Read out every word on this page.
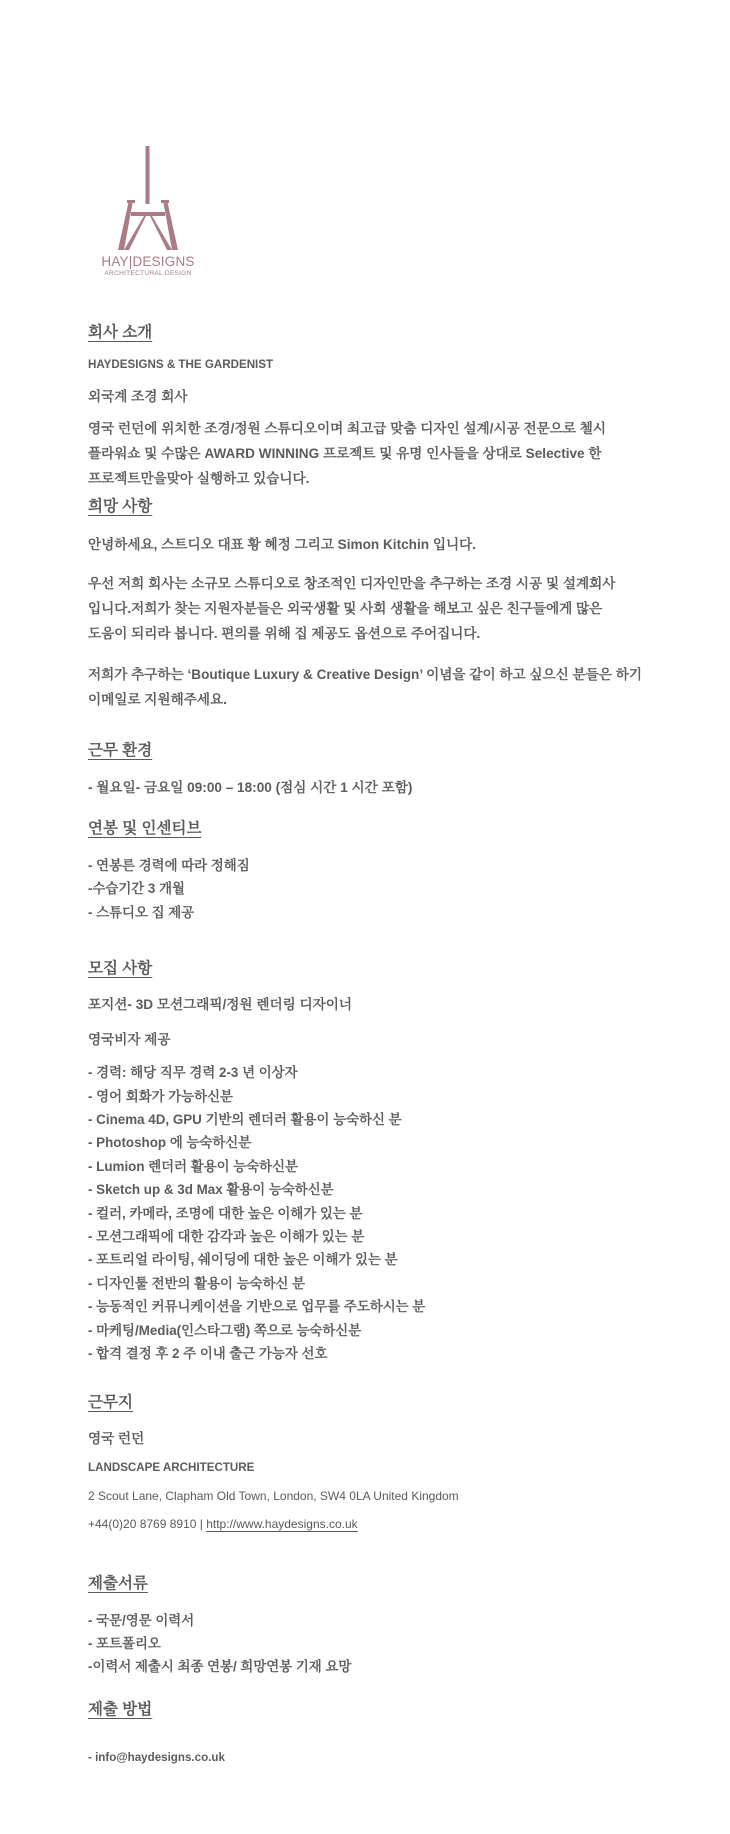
HAY|DESIGNS
ARCHITECTURAL DESIGN
회사 소개
HAYDESIGNS & THE GARDENIST
외국계 조경 회사
영국 런던에 위치한 조경/정원 스튜디오이며 최고급 맞춤 디자인 설계/시공 전문으로 첼시
플라워쇼 및 수많은 AWARD WINNING 프로젝트 및 유명 인사들을 상대로 Selective 한
프로젝트만을맞아 실행하고 있습니다.
희망 사항
안녕하세요, 스트디오 대표 황 혜정 그리고 Simon Kitchin 입니다.
우선 저희 회사는 소규모 스튜디오로 창조적인 디자인만을 추구하는 조경 시공 및 설계회사
입니다.저희가 찾는 지원자분들은 외국생활 및 사회 생활을 해보고 싶은 친구들에게 많은
도움이 되리라 봅니다. 편의를 위해 집 제공도 옵션으로 주어집니다.
저희가 추구하는 ‘Boutique Luxury & Creative Design’ 이념을 같이 하고 싶으신 분들은 하기
이메일로 지원해주세요.
근무 환경
- 월요일- 금요일 09:00 – 18:00 (점심 시간 1 시간 포함)
연봉 및 인센티브
- 연봉른 경력에 따라 정해짐
-수습기간 3 개월
- 스튜디오 집 제공
모집 사항
포지션- 3D 모션그래픽/정원 렌더링 디자이너
영국비자 제공
- 경력: 해당 직무 경력 2-3 년 이상자
- 영어 회화가 가능하신분
- Cinema 4D, GPU 기반의 렌더러 활용이 능숙하신 분
- Photoshop 에 능숙하신분
- Lumion 렌더러 활용이 능숙하신분
- Sketch up & 3d Max 활용이 능숙하신분
- 컬러, 카메라, 조명에 대한 높은 이해가 있는 분
- 모션그래픽에 대한 감각과 높은 이해가 있는 분
- 포트리얼 라이팅, 쉐이딩에 대한 높은 이해가 있는 분
- 디자인툴 전반의 활용이 능숙하신 분
- 능동적인 커뮤니케이션을 기반으로 업무를 주도하시는 분
- 마케팅/Media(인스타그램) 쪽으로 능숙하신분
- 합격 결정 후 2 주 이내 출근 가능자 선호
근무지
영국 런던
LANDSCAPE ARCHITECTURE
2 Scout Lane, Clapham Old Town, London, SW4 0LA United Kingdom
+44(0)20 8769 8910 | http://www.haydesigns.co.uk
제출서류
- 국문/영문 이력서
- 포트폴리오
-이력서 제출시 최종 연봉/ 희망연봉 기재 요망
제출 방법
- info@haydesigns.co.uk
